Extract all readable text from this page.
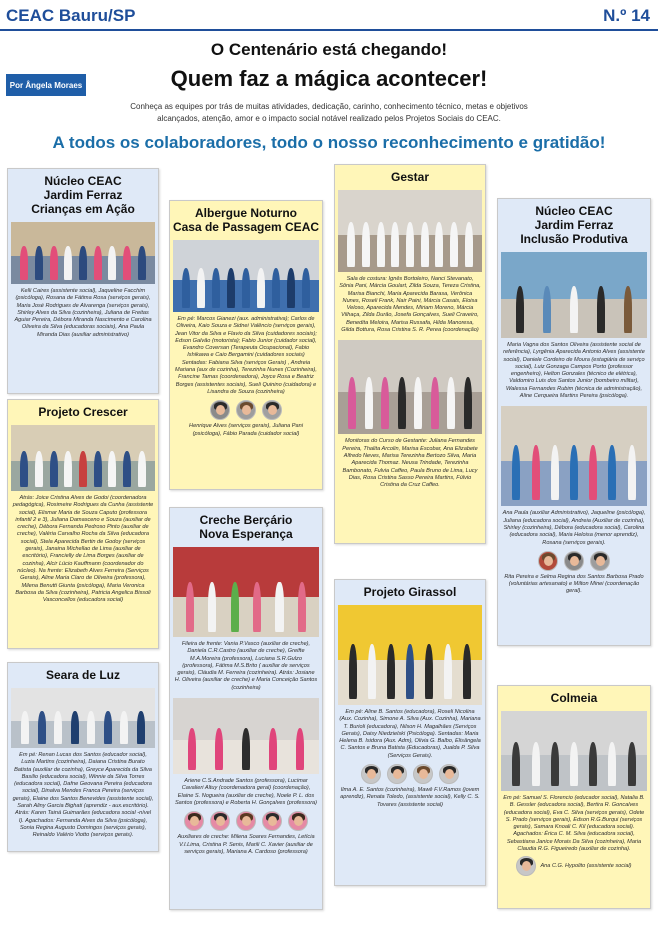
CEAC Bauru/SP	N.º 14
Por Ângela Moraes
O Centenário está chegando!
Quem faz a mágica acontecer!
Conheça as equipes por trás de muitas atividades, dedicação, carinho, conhecimento técnico, metas e objetivos alcançados, atenção, amor e o impacto social notável realizado pelos Projetos Sociais do CEAC.
A todos os colaboradores, todo o nosso reconhecimento e gratidão!
Núcleo CEAC
Jardim Ferraz
Crianças em Ação

Kelli Caires (assistente social), Jaqueline Facchim (psicóloga), Rosana de Fátima Rosa (serviços gerais), Maria José Rodrigues de Alvarenga (serviços gerais), Shirley Alves da Silva (cozinheira), Juliana de Freitas Aguiar Pereira, Débora Miranda Nascimento e Carolina Oliveira da Silva (educadoras sociais), Ana Paula Miranda Dias (auxiliar administrativo)

Projeto Crescer

Atrás: Joice Cristina Alves de Godoi (coordenadora pedagógica), Rosimeire Rodrigues da Cunha (assistente social), Elismar Maria de Souza Caputo (professora infantil 2 e 3), Juliana Damasceno e Souza (auxiliar de creche), Débora Fernanda Pedroso Pinto (auxiliar de creche), Valéria Carvalho Rocha da Silva (educadora social), Stela Aparecida Bertin de Godoy (serviços gerais), Janaina Michellao de Lima (auxiliar de escritório), Francielly de Lima Borges (auxiliar de cozinha), Alcir Lúcio Kauffmann (coordenador do núcleo). Na frente: Elizabeth Alves Ferreira (Serviços Gerais), Aline Maria Claro de Oliveira (professora), Milena Benutti Giunta (psicóloga), Maria Veronica Barbosa da Silva (cozinheira), Patricia Angelica Bissoli Vasconcellos (educadora social)

Seara de Luz

Em pé: Renan Lucas dos Santos (educador social), Luzia Martins (cozinheira), Daiana Cristina Burato Batista (auxiliar de cozinha), Greyce Aparecida da Silva Basilio (educadora social), Winnie da Silva Torres (educadora social), Dafne Geovana Pereira (educadora social), Dinalva Mendes Franca Pereira (serviços gerais), Elaine dos Santos Benevides (assistente social), Sarah Aliny Garcia Bighati (aprendiz - aux.escritório). Atrás: Karen Tainá Guimarães (educadora social -nível I). Agachados: Fernanda Alves da Silva (psicóloga), Sonia Regina Augusto Domingos (serviços gerais), Reinaldo Valério Viotto (serviços gerais).

Albergue Noturno
Casa de Passagem CEAC

Em pé: Marcos Gianezi (aux. administrativa); Carlos de Oliveira, Kaio Souza e Sidnei Valêncio (serviços gerais), Jean Vitor da Silva e Flavio da Silva (cuidadores sociais); Edson Galvão (motorista); Fabio Junior (cuidador social), Evandro Coversan (Terapeuta Ocupacional), Fabio Ishikawa e Caio Bergamini (cuidadores sociais) Sentadas: Fabiana Silva (serviços Gerais) , Andreia Mariana (aux de cozinha), Terezinha Nunes (Cozinheira), Francine Tamas (coordenadora), Joyce Rosa e Beatriz Borges (assistentes sociais), Sueli Quinino (cuidadora) e Lisandra de Souza (cozinheira)

Henrique Alves (serviços gerais), Juliana Pani (psicóloga), Fábio Parada (cuidador social)

Creche Berçário
Nova Esperança

Fileira de frente: Vania P.Vasco (auxiliar de creche), Daniela C.R.Castro (auxiliar de creche), Greifte M.A.Moreira (professora), Luciana S.R.Gulzo (professora), Fátima M.S.Brito ( auxiliar de serviços gerais), Cláudia M. Ferreira (cozinheira). Atrás: Josiane H. Oliveira (auxiliar de creche) e Maria Conceição Santos (cozinheira)

Ariene C.S.Andrade Santos (professora), Lucimar Cavalieri Altuy (coordenadora geral) (coordenação), Elaine S. Nogueira (auxiliar de creche), Noele P. L. dos Santos (professora) e Roberta H. Gonçalves (professora)

Auxiliares de creche: Milena Soares Fernandes, Letícia V.I.Lima, Cristina P. Senis, Marili C. Xavier (auxiliar de serviços gerais), Mariana A. Cardoso (professora)

Gestar

Sala de costura: Ignês Bortoleiro, Nanci Stevanato, Sônia Pani, Márcia Goulart, Zilda Souza, Tereza Cristina, Marisa Bianchi, Maria Aparecida Barasa, Verônica Nunes, Roseli Frank, Nair Paini, Márcia Casais, Eloisa Veloso, Aparecida Mendes, Miriam Moreno, Márcia Vilhaça, Zilda Durão, Josefa Gonçalves, Sueli Craveiro, Benedita Meloira, Marisa Russafa, Hilda Manoresa, Gilda Bottura, Rosa Cristina S. R. Perea (coordenação)

Monitoras do Curso de Gestante: Juliana Fernandes Pereira, Thalita Arcolin, Marisa Escobar, Ana Elizabete Alfredo Neves, Marisa Terezinha Bertozo Silva, Maria Aparecida Thomaz. Neusa Trindade, Terezinha Bambonato, Fulvia Caffeo, Paula Bruno de Lima, Lucy Dias, Rosa Cristina Sasso Pereira Martins, Fúlvio Cristina da Cruz Caffeo.

Projeto Girassol

Em pé: Aline B. Santos (educadora), Roseli Nicolina (Aux. Cozinha), Simone A. Silva (Aux. Cozinha), Mariana T. Burioli (educadora), Nilson H. Magalhães (Serviços Gerais), Daisy Niedzielski (Psicóloga). Sentadas: Maria Helena B. Isidora (Aux. Adm), Olivia G. Balbo, Elisângela C. Santos e Bruna Batista (Educadoras), Jualda P. Silva (Serviços Gerais).

Ilma A. E. Santos (cozinheira), Mawê F.V.Ramos (jovem aprendiz), Renata Toledo, (assistente social), Kelly C. S. Tovares (assistente social)

Núcleo CEAC
Jardim Ferraz
Inclusão Produtiva

Maria Vagna dos Santos Oliveira (assistente social de referência), Lyrgênia Aparecida Antonio Alves (assistente social), Daniele Cordeiro de Moura (estagiária de serviço social), Luiz Gonzaga Campos Porto (professor engenheiro), Helton Gonzales (técnico de elétrica), Valdomiro Luis dos Santos Junior (bombeiro militar), Walessa Fernandes Rubim (técnica de administração), Aline Cerqueira Martins Pereira (psicóloga).

Ana Paula (auxiliar Administrativo), Jaqueline (psicóloga), Juliana (educadora social), Andreia (Auxiliar de cozinha), Shirley (cozinheira), Débora (educadora social), Carolina (educadora social), Maria Heloisa (menor aprendiz), Rosana (serviços gerais).

Rita Pereira e Selma Regina dos Santos Barbosa Prado (voluntárias artesanato) e Milton Minei (coordenação geral).

Colmeia

Em pé: Samuel S. Florencio (educador social), Natalia B. B. Gessler (educadora social), Bertira R. Goncalves (educadora social), Eva C. Silva (serviços gerais), Odete S. Prado (serviços gerais), Edson R.G.Burqui (serviços gerais), Samara Knoali C. Kil (educadora social). Agachados: Érica C. M. Silva (educadora social), Sebastiana Janice Morais Da Silva (cozinheira), Maria Claudia R.G. Figueiredo (auxiliar de cozinha).

Ana C.G. Hypolito (assistente social)
